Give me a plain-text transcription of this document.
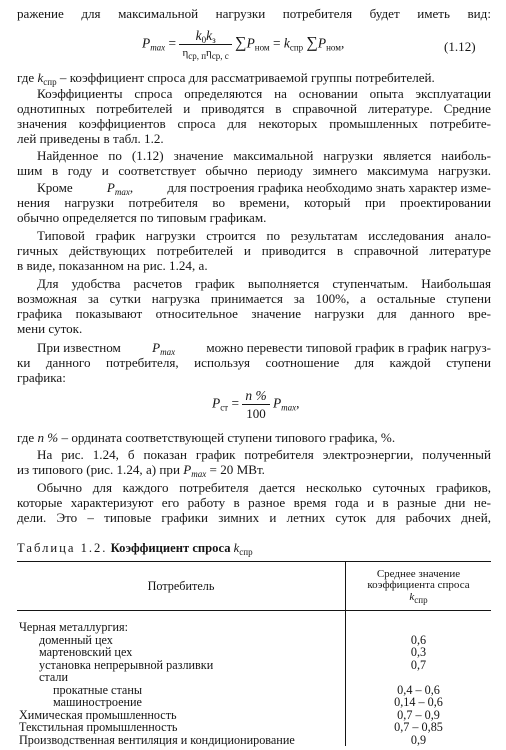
ражение для максимальной нагрузки потребителя будет иметь вид:
$P_{max} = \frac{k_0k_з}{\eta_{ср, п}\eta_{ср, с}} \sum P_{ном} = k_{спр}$ $\sum P_{ном}$,	(1.12)
где $k_{спр}$ – коэффициент спроса для рассматриваемой группы потребителей.
Коэффициенты спроса определяются на основании опыта эксплуатации
однотипных потребителей и приводятся в справочной литературе. Средние
значения коэффициентов спроса для некоторых промышленных потребите-
лей приведены в табл. 1.2.
Найденное по (1.12) значение максимальной нагрузки является наиболь-
шим в году и соответствует обычно периоду зимнего максимума нагрузки.
Кроме	$P_{max}$,	для построения графика необходимо знать характер изме-
нения нагрузки потребителя во времени, который при проектировании
обычно определяется по типовым графикам.
Типовой график нагрузки строится по результатам исследования анало-
гичных действующих потребителей и приводится в справочной литературе
в виде, показанном на рис. 1.24, а.
Для удобства расчетов график выполняется ступенчатым. Наибольшая
возможная за сутки нагрузка принимается за 100%, а остальные ступени
графика показывают относительное значение нагрузки для данного вре-
мени суток.
При известном $P_{max}$ можно перевести типовой график в график нагруз-
ки данного потребителя, используя соотношение для каждой ступени
графика:
$P_{ст} = \frac{n \%}{100} P_{max}$,
где n % – ордината соответствующей ступени типового графика, %.
На рис. 1.24, б показан график потребителя электроэнергии, полученный
из типового (рис. 1.24, а) при $P_{max} = 20$ МВт.
Обычно для каждого потребителя дается несколько суточных графиков,
которые характеризуют его работу в разное время года и в разные дни не-
дели. Это – типовые графики зимних и летних суток для рабочих дней,
Таблица 1.2. Коэффициент спроса $k_{спр}$
Потребитель	Среднее значение
коэффициента спроса
$k_{спр}$
Черная металлургия:	
доменный цех	0,6
мартеновский цех	0,3
установка непрерывной разливки	0,7
стали	
прокатные станы	0,4 – 0,6
машиностроение	0,14 – 0,6
Химическая промышленность	0,7 – 0,9
Текстильная промышленность	0,7 – 0,85
Производственная вентиляция и кондиционирование	0,9
